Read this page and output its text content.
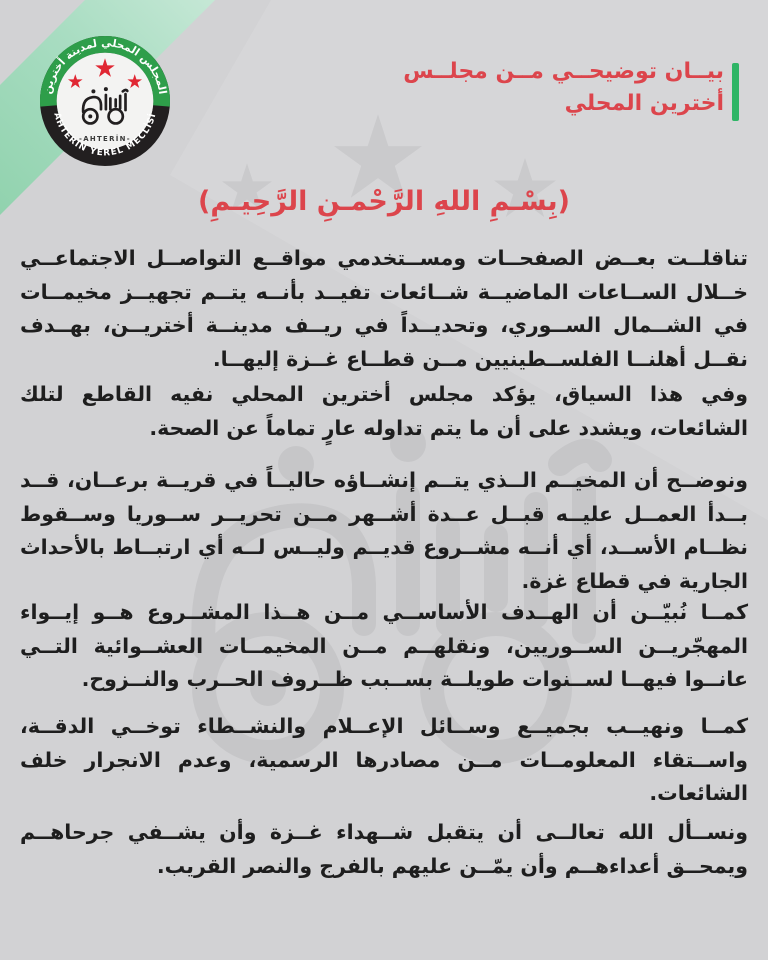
المجلس المحلي لمدينة أخترين
AHTERİN YEREL MECLİSİ
-AHTERİN-
بيــان توضيحــي مــن مجلــس
أخترين المحلي
(بِسْـمِ اللهِ الرَّحْمـنِ الرَّحِيـمِ)

تناقلــت بعــض الصفحــات ومســتخدمي مواقــع التواصــل الاجتماعــي خــلال الســاعات الماضيــة شــائعات تفيــد بأنــه يتــم تجهيــز مخيمــات في الشــمال الســوري، وتحديــداً في ريــف مدينــة أختريــن، بهــدف نقــل أهلنــا الفلســطينيين مــن قطــاع غــزة إليهــا.

وفي هذا السياق، يؤكد مجلس أخترين المحلي نفيه القاطع لتلك الشائعات، ويشدد على أن ما يتم تداوله عارٍ تماماً عن الصحة.

ونوضــح أن المخيــم الــذي يتــم إنشــاؤه حاليــاً في قريــة برعــان، قــد بــدأ العمــل عليــه قبــل عــدة أشــهر مــن تحريــر ســوريا وســقوط نظــام الأســد، أي أنــه مشــروع قديــم وليــس لــه أي ارتبــاط بالأحداث الجارية في قطاع غزة.

كمــا نُبيّــن أن الهــدف الأساســي مــن هــذا المشــروع هــو إيــواء المهجّريــن الســوريين، ونقلهــم مــن المخيمــات العشــوائية التــي عانــوا فيهــا لســنوات طويلــة بســبب ظــروف الحــرب والنــزوح.

كمــا ونهيــب بجميــع وســائل الإعــلام والنشــطاء توخــي الدقــة، واســتقاء المعلومــات مــن مصادرها الرسمية، وعدم الانجرار خلف الشائعات.

ونســأل الله تعالــى أن يتقبل شــهداء غــزة وأن يشــفي جرحاهــم ويمحــق أعداءهــم وأن يمّــن عليهم بالفرج والنصر القريب.
